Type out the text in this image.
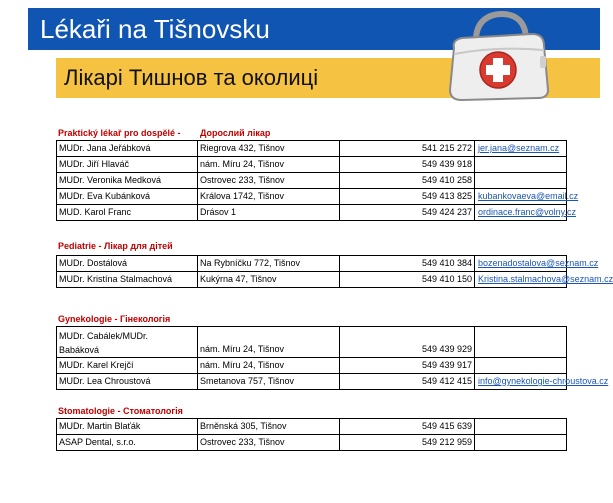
Lékaři na Tišnovsku
Лікарі Тишнов та околиці
Praktický lékař pro dospělé - Дорослий лікар
MUDr. Jana Jeřábková	Riegrova 432, Tišnov	541 215 272	jer.jana@seznam.cz
MUDr. Jiří Hlaváč	nám. Míru 24, Tišnov	549 439 918	
MUDr. Veronika Medková	Ostrovec 233, Tišnov	549 410 258	
MUDr. Eva Kubánková	Králova 1742, Tišnov	549 413 825	kubankovaeva@email.cz
MUD. Karol Franc	Drásov 1	549 424 237	ordinace.franc@volny.cz
Pediatrie - Лікар для дітей
MUDr. Dostálová	Na Rybníčku 772, Tišnov	549 410 384	bozenadostalova@seznam.cz
MUDr. Kristína Stalmachová	Kukýrna 47, Tišnov	549 410 150	Kristina.stalmachova@seznam.cz
Gynekologie - Гінекологія
MUDr. Cabálek/MUDr.
Babáková	nám. Míru 24, Tišnov	549 439 929	
MUDr. Karel Krejčí	nám. Míru 24, Tišnov	549 439 917	
MUDr. Lea Chroustová	Smetanova 757, Tišnov	549 412 415	info@gynekologie-chroustova.cz
Stomatologie - Стоматологія
MUDr. Martin Blaťák	Brněnská 305, Tišnov	549 415 639	
ASAP Dental, s.r.o.	Ostrovec 233, Tišnov	549 212 959	
